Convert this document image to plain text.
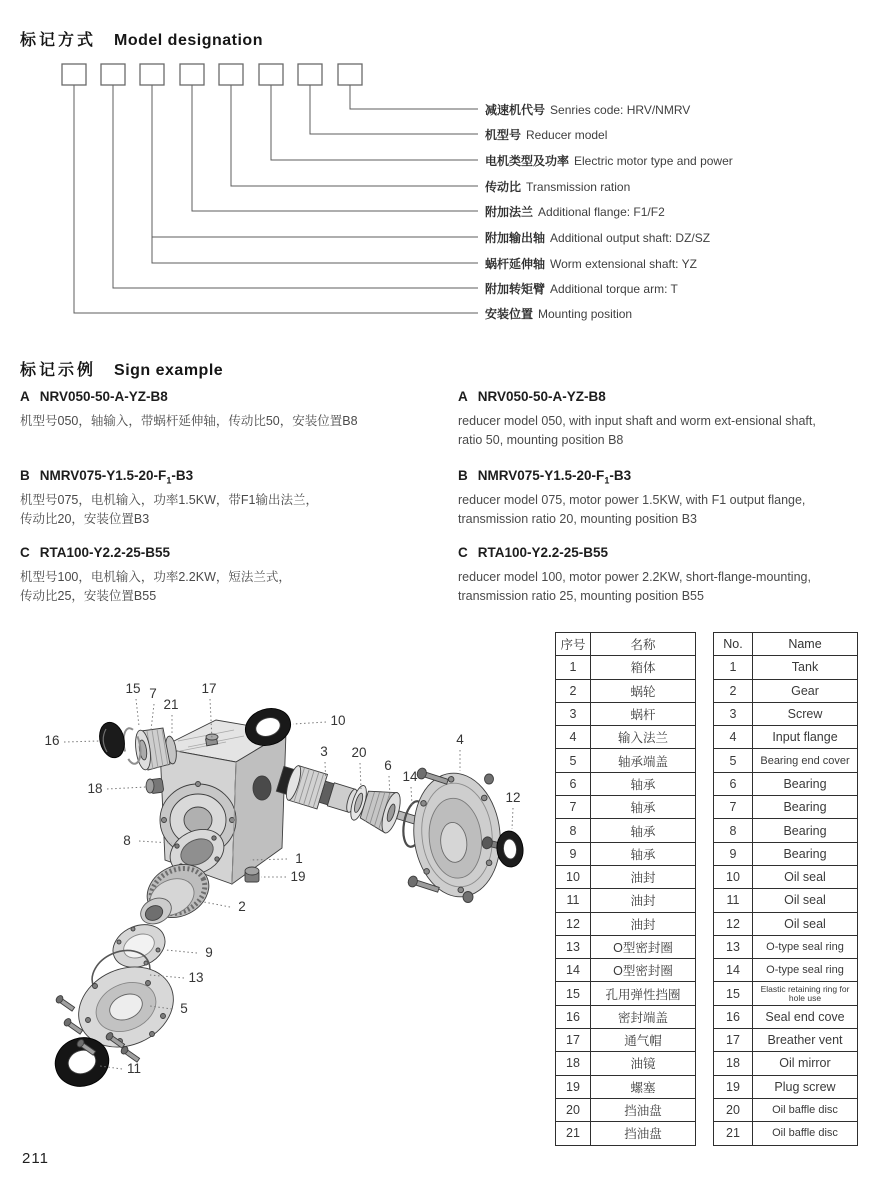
标记方式 Model designation
减速机代号 Senries code: HRV/NMRV
机型号 Reducer model
电机类型及功率 Electric motor type and power
传动比 Transmission ration
附加法兰 Additional flange: F1/F2
附加输出轴 Additional output shaft: DZ/SZ
蜗杆延伸轴 Worm extensional shaft: YZ
附加转矩臂 Additional torque arm: T
安装位置 Mounting position
标记示例 Sign example
A NRV050-50-A-YZ-B8
机型号050，轴输入，带蜗杆延伸轴，传动比50，安装位置B8
B $NMRV075-Y1.5-20-F_1-B3$
机型号075，电机输入，功率1.5KW，带F1输出法兰，
传动比20，安装位置B3
C RTA100-Y2.2-25-B55
机型号100，电机输入，功率2.2KW，短法兰式，
传动比25，安装位置B55
A NRV050-50-A-YZ-B8
reducer model 050, with input shaft and worm ext-ensional shaft,
ratio 50, mounting position B8
B $NMRV075-Y1.5-20-F_1-B3$
reducer model 075, motor power 1.5KW, with F1 output flange,
transmission ratio 20, mounting position B3
C RTA100-Y2.2-25-B55
reducer model 100, motor power 2.2KW, short-flange-mounting,
transmission ratio 25, mounting position B55
15 7
21
17
16
10
3	20
6
14
4
12
18
8
1
19
2
9
13
5
11
序号	名称
1	箱体
2	蜗轮
3	蜗杆
4	输入法兰
5	轴承端盖
6	轴承
7	轴承
8	轴承
9	轴承
10	油封
11	油封
12	油封
13	O型密封圈
14	O型密封圈
15	孔用弹性挡圈
16	密封端盖
17	通气帽
18	油镜
19	螺塞
20	挡油盘
21	挡油盘
No.	Name
1	Tank
2	Gear
3	Screw
4	Input flange
5	Bearing end cover
6	Bearing
7	Bearing
8	Bearing
9	Bearing
10	Oil seal
11	Oil seal
12	Oil seal
13	O-type seal ring
14	O-type seal ring
15	Elastic retaining ring for hole use
16	Seal end cove
17	Breather vent
18	Oil mirror
19	Plug screw
20	Oil baffle disc
21	Oil baffle disc
211
